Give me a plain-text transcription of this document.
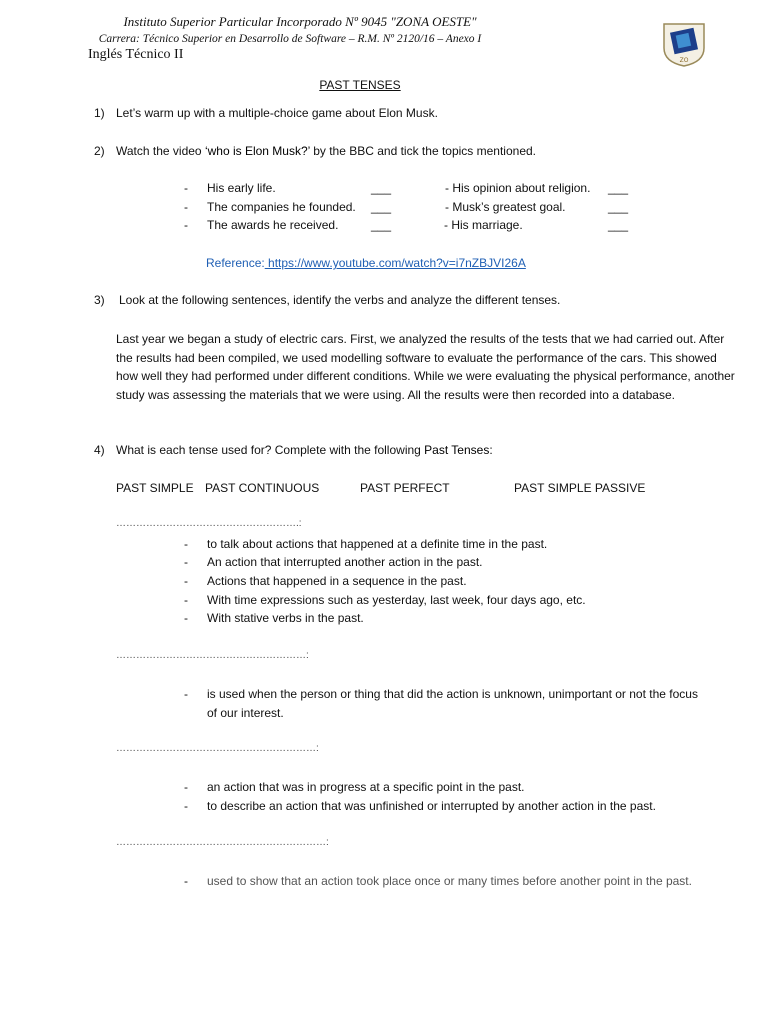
Instituto Superior Particular Incorporado Nº 9045 "ZONA OESTE"
Carrera: Técnico Superior en Desarrollo de Software – R.M. Nº 2120/16 – Anexo I
Inglés Técnico II	ZO
PAST TENSES
1) Let’s warm up with a multiple-choice game about Elon Musk.
2) Watch the video ‘who is Elon Musk?’ by the BBC and tick the topics mentioned.
- His early life.	___	- His opinion about religion. ___
- The companies he founded. ___	- Musk’s greatest goal.	___
- The awards he received.	___	- His marriage.	___
Reference: https://www.youtube.com/watch?v=i7nZBJVI26A
3) Look at the following sentences, identify the verbs and analyze the different tenses.
Last year we began a study of electric cars. First, we analyzed the results of the tests that we had carried out. After the results had been compiled, we used modelling software to evaluate the performance of the cars. This showed how well they had performed under different conditions. While we were evaluating the physical performance, another study was assessing the materials that we were using. All the results were then recorded into a database.
4) What is each tense used for? Complete with the following Past Tenses:
PAST SIMPLE PAST CONTINUOUS	PAST PERFECT	PAST SIMPLE PASSIVE
……………………………………………….:
- to talk about actions that happened at a definite time in the past.
- An action that interrupted another action in the past.
- Actions that happened in a sequence in the past.
- With time expressions such as yesterday, last week, four days ago, etc.
- With stative verbs in the past.
…………………………………………………:
- is used when the person or thing that did the action is unknown, unimportant or not the focus
of our interest.
……………………………………………………:
- an action that was in progress at a specific point in the past.
- to describe an action that was unfinished or interrupted by another action in the past.
………………………………………………………:
- used to show that an action took place once or many times before another point in the past.
